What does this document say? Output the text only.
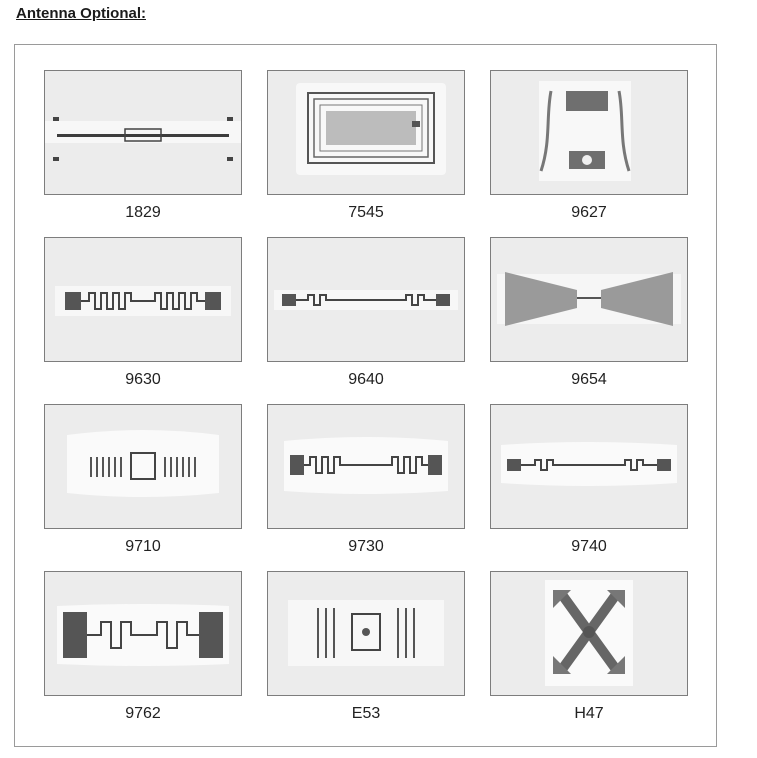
Antenna Optional:
1829	7545	9627
9630	9640	9654
9710	9730	9740
9762	E53	H47
